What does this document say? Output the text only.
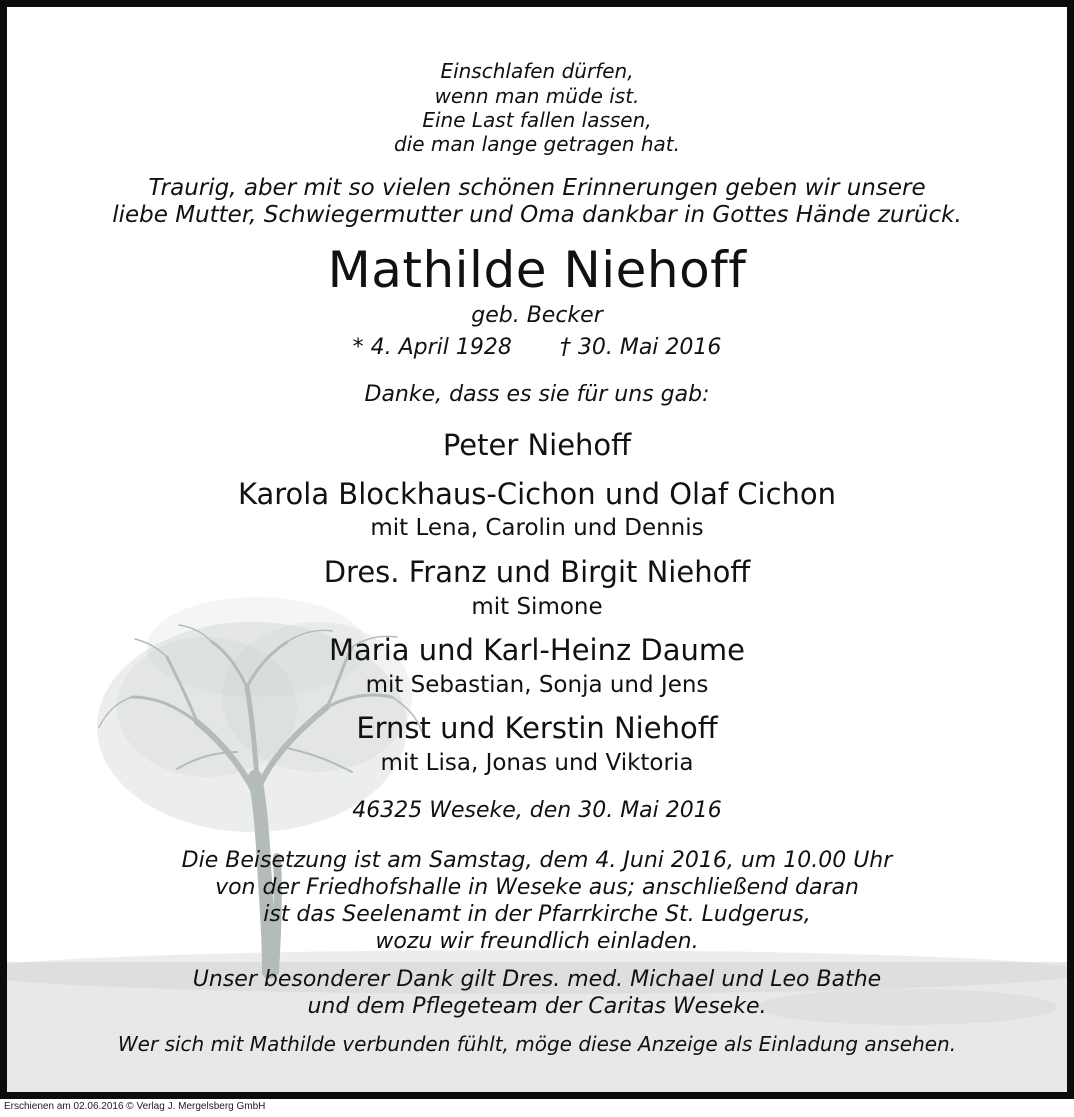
Einschlafen dürfen,
wenn man müde ist.
Eine Last fallen lassen,
die man lange getragen hat.
Traurig, aber mit so vielen schönen Erinnerungen geben wir unsere
liebe Mutter, Schwiegermutter und Oma dankbar in Gottes Hände zurück.
Mathilde Niehoff
geb. Becker
* 4. April 1928 † 30. Mai 2016
Danke, dass es sie für uns gab:
Peter Niehoff
Karola Blockhaus-Cichon und Olaf Cichon
mit Lena, Carolin und Dennis
Dres. Franz und Birgit Niehoff
mit Simone
Maria und Karl-Heinz Daume
mit Sebastian, Sonja und Jens
Ernst und Kerstin Niehoff
mit Lisa, Jonas und Viktoria
46325 Weseke, den 30. Mai 2016
Die Beisetzung ist am Samstag, dem 4. Juni 2016, um 10.00 Uhr
von der Friedhofshalle in Weseke aus; anschließend daran
ist das Seelenamt in der Pfarrkirche St. Ludgerus,
wozu wir freundlich einladen.
Unser besonderer Dank gilt Dres. med. Michael und Leo Bathe
und dem Pflegeteam der Caritas Weseke.
Wer sich mit Mathilde verbunden fühlt, möge diese Anzeige als Einladung ansehen.
Erschienen am 02.06.2016 © Verlag J. Mergelsberg GmbH
